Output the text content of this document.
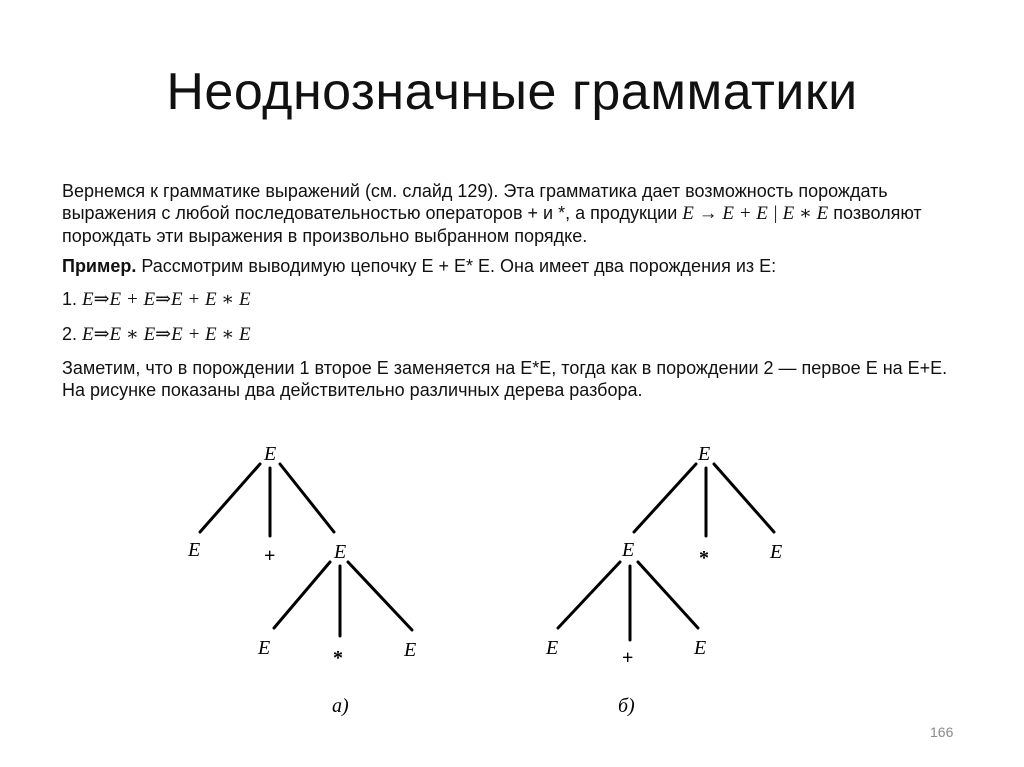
Неоднозначные грамматики

Вернемся к грамматике выражений (см. слайд 129). Эта грамматика дает возможность порождать выражения с любой последовательностью операторов + и *, а продукции E → E + E | E ∗ E позволяют порождать эти выражения в произвольно выбранном порядке.

Пример. Рассмотрим выводимую цепочку E + E* E. Она имеет два порождения из E:

1. E⇒E + E⇒E + E ∗ E
2. E⇒E ∗ E⇒E + E ∗ E

Заметим, что в порождении 1 второе E заменяется на E*E, тогда как в порождении 2 — первое E на E+E. На рисунке показаны два действительно различных дерева разбора.

E
E	+	E
E	*	E
а)
E
E	*	E
E	+	E
б)
166
